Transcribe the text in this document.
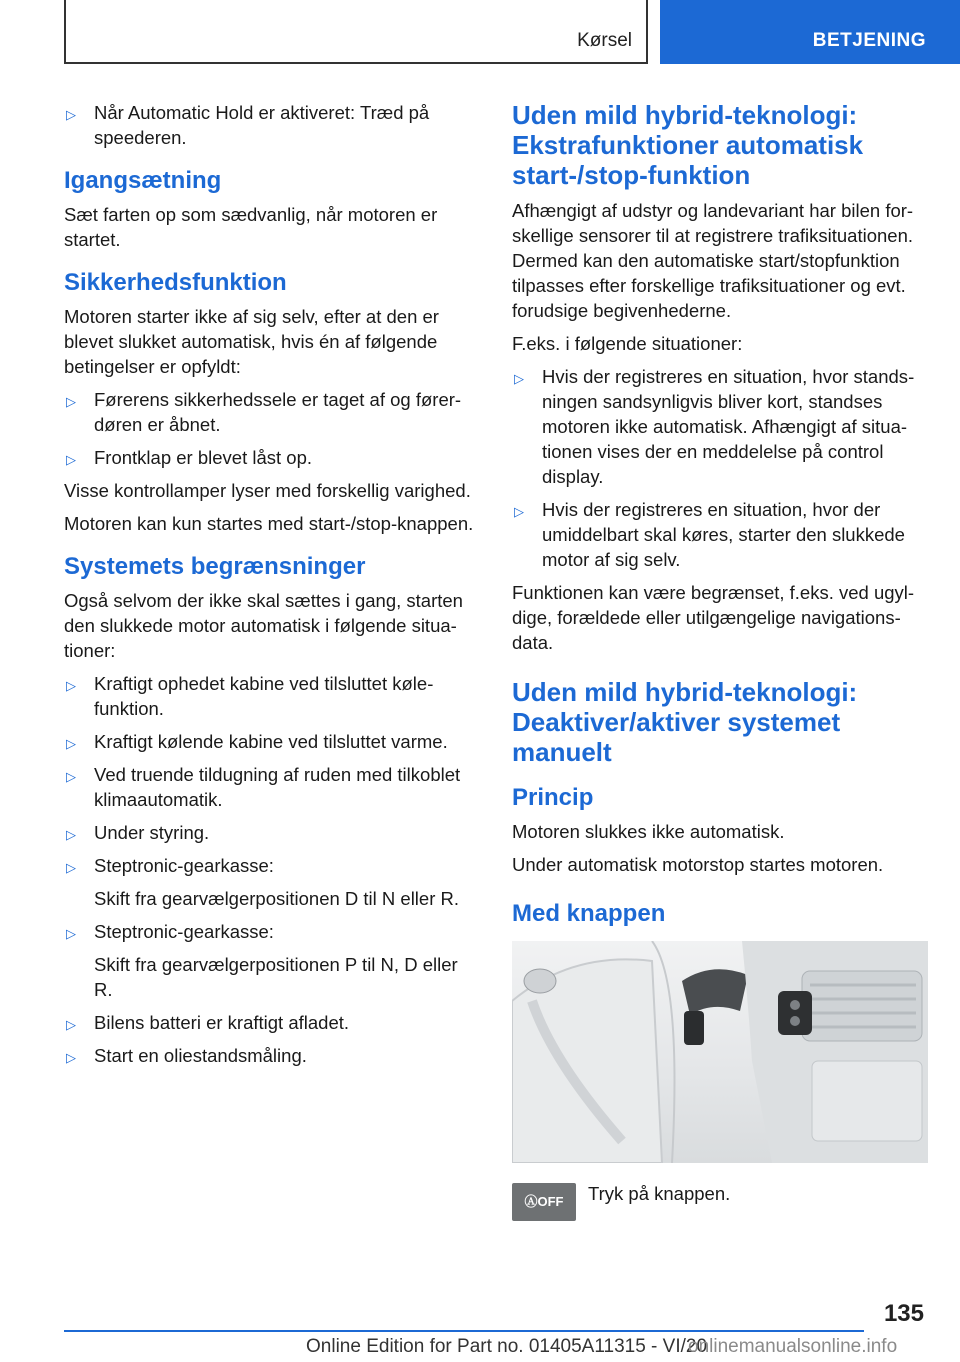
Kørsel	BETJENING
▷ Når Automatic Hold er aktiveret: Træd på speederen.
Igangsætning

Sæt farten op som sædvanlig, når motoren er startet.

Sikkerhedsfunktion

Motoren starter ikke af sig selv, efter at den er blevet slukket automatisk, hvis én af følgende betingelser er opfyldt:

▷ Førerens sikkerhedssele er taget af og førerdøren er åbnet.
▷ Frontklap er blevet låst op.

Visse kontrollamper lyser med forskellig varighed.

Motoren kan kun startes med start-/stop-knappen.

Systemets begrænsninger

Også selvom der ikke skal sættes i gang, starten den slukkede motor automatisk i følgende situationer:

▷ Kraftigt ophedet kabine ved tilsluttet kølefunktion.
▷ Kraftigt kølende kabine ved tilsluttet varme.
▷ Ved truende tildugning af ruden med tilkoblet klimaautomatik.
▷ Under styring.
▷ Steptronic-gearkasse:
Skift fra gearvælgerpositionen D til N eller R.
▷ Steptronic-gearkasse:
Skift fra gearvælgerpositionen P til N, D eller R.
▷ Bilens batteri er kraftigt afladet.
▷ Start en oliestandsmåling.
Uden mild hybrid-teknologi: Ekstrafunktioner automatisk start-/stop-funktion

Afhængigt af udstyr og landevariant har bilen forskellige sensorer til at registrere trafiksituationen. Dermed kan den automatiske start/stopfunktion tilpasses efter forskellige trafiksituationer og evt. forudsige begivenhederne.

F.eks. i følgende situationer:

▷ Hvis der registreres en situation, hvor standsningen sandsynligvis bliver kort, standses motoren ikke automatisk. Afhængigt af situationen vises der en meddelelse på control display.
▷ Hvis der registreres en situation, hvor der umiddelbart skal køres, starter den slukkede motor af sig selv.

Funktionen kan være begrænset, f.eks. ved ugyldige, forældede eller utilgængelige navigationsdata.

Uden mild hybrid-teknologi: Deaktiver/aktiver systemet manuelt
Princip

Motoren slukkes ikke automatisk.

Under automatisk motorstop startes motoren.

Med knappen
ⒶOFF	Tryk på knappen.
135
Online Edition for Part no. 01405A11315 - VI/20
onlinemanualsonline.info
